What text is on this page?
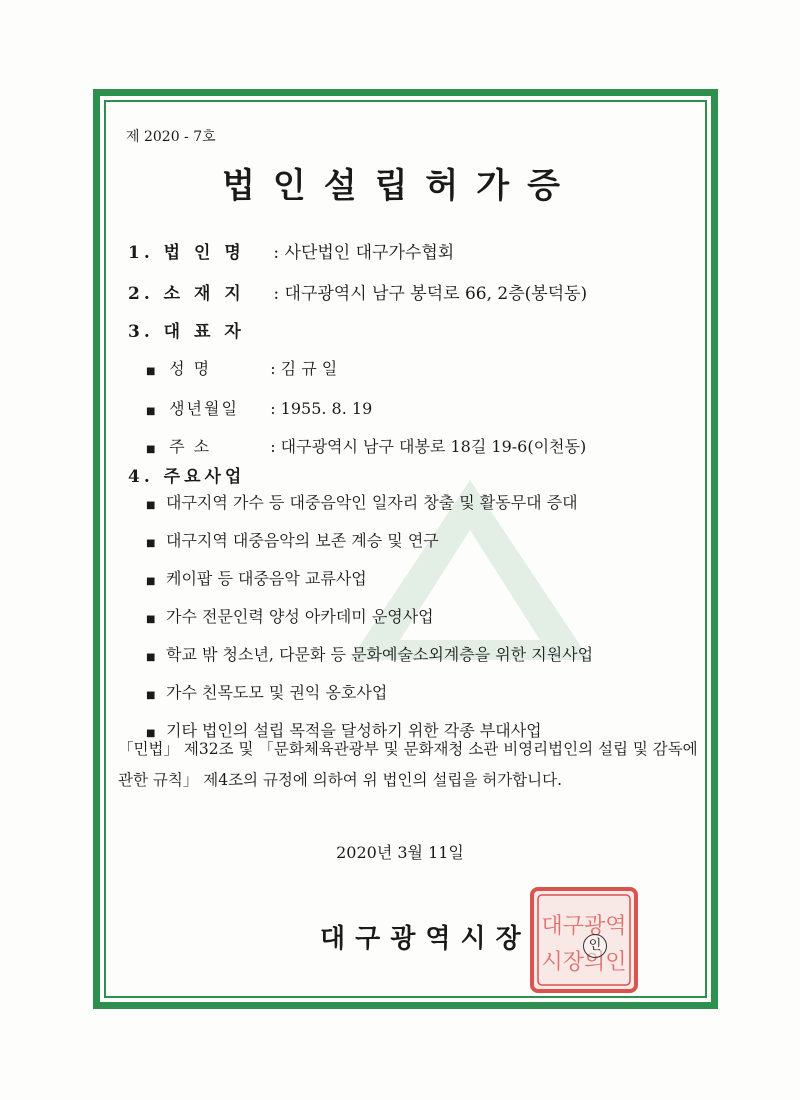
제 2020 - 7호
법인설립허가증
1. 법 인 명 : 사단법인 대구가수협회
2. 소 재 지 : 대구광역시 남구 봉덕로 66, 2층(봉덕동)
3. 대 표 자
■ 성 명	: 김 규 일
■ 생년월일 : 1955. 8. 19
■ 주 소	: 대구광역시 남구 대봉로 18길 19-6(이천동)
4. 주요사업
■ 대구지역 가수 등 대중음악인 일자리 창출 및 활동무대 증대
■ 대구지역 대중음악의 보존 계승 및 연구
■ 케이팝 등 대중음악 교류사업
■ 가수 전문인력 양성 아카데미 운영사업
■ 학교 밖 청소년, 다문화 등 문화예술소외계층을 위한 지원사업
■ 가수 친목도모 및 권익 옹호사업
■ 기타 법인의 설립 목적을 달성하기 위한 각종 부대사업
「민법」 제32조 및 「문화체육관광부 및 문화재청 소관 비영리법인의 설립 및 감독에 관한 규칙」 제4조의 규정에 의하여 위 법인의 설립을 허가합니다.
2020년 3월 11일
대구광역
시장의인
대구광역시장	인
